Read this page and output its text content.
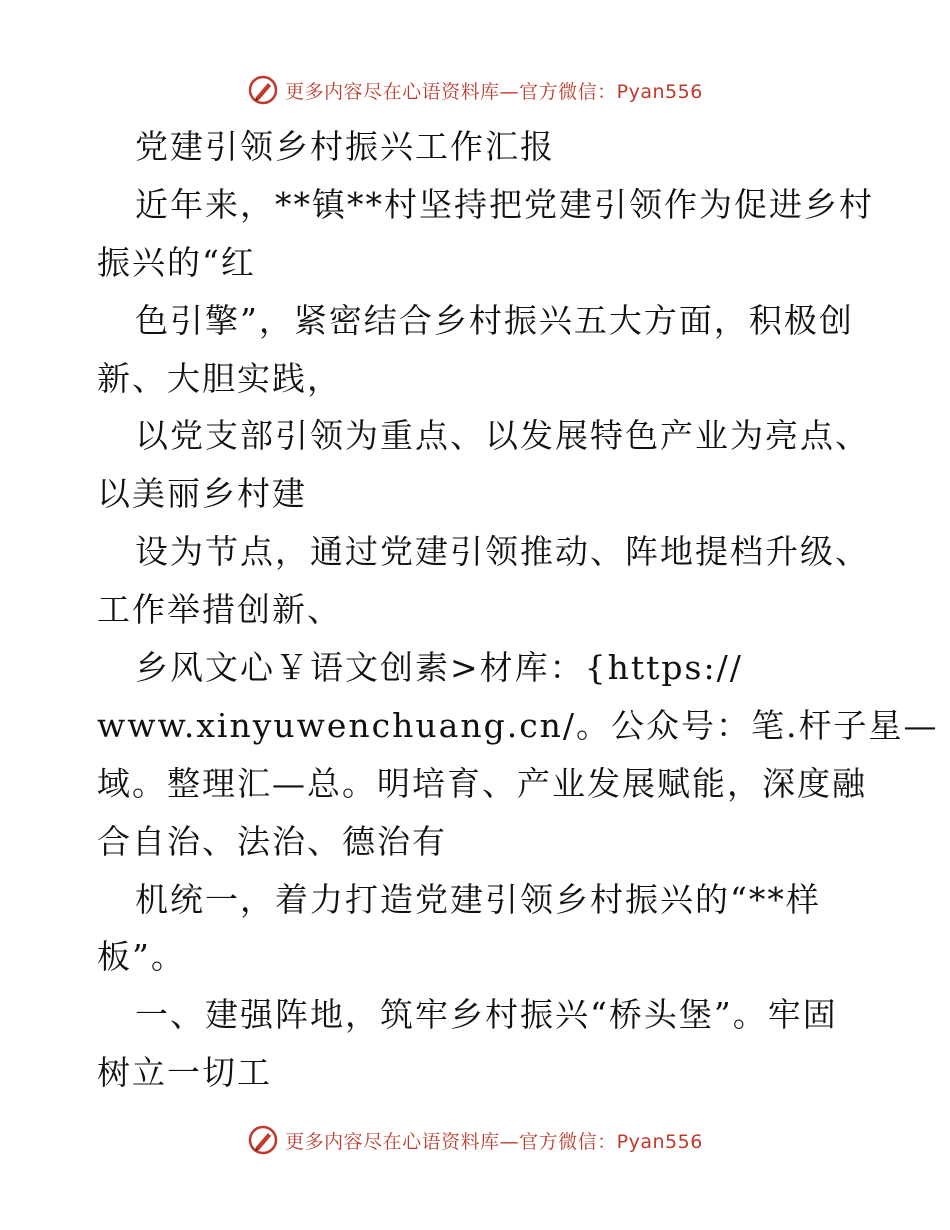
更多内容尽在心语资料库—官方微信：Pyan556
党建引领乡村振兴工作汇报
近年来，**镇**村坚持把党建引领作为促进乡村
振兴的“红
色引擎”，紧密结合乡村振兴五大方面，积极创
新、大胆实践，
以党支部引领为重点、以发展特色产业为亮点、
以美丽乡村建
设为节点，通过党建引领推动、阵地提档升级、
工作举措创新、
乡风文心￥语文创素>材库：{https://
www.xinyuwenchuang.cn/。公众号：笔.杆子星—
域。整理汇—总。明培育、产业发展赋能，深度融
合自治、法治、德治有
机统一，着力打造党建引领乡村振兴的“**样
板”。
一、建强阵地，筑牢乡村振兴“桥头堡”。牢固
树立一切工
更多内容尽在心语资料库—官方微信：Pyan556
